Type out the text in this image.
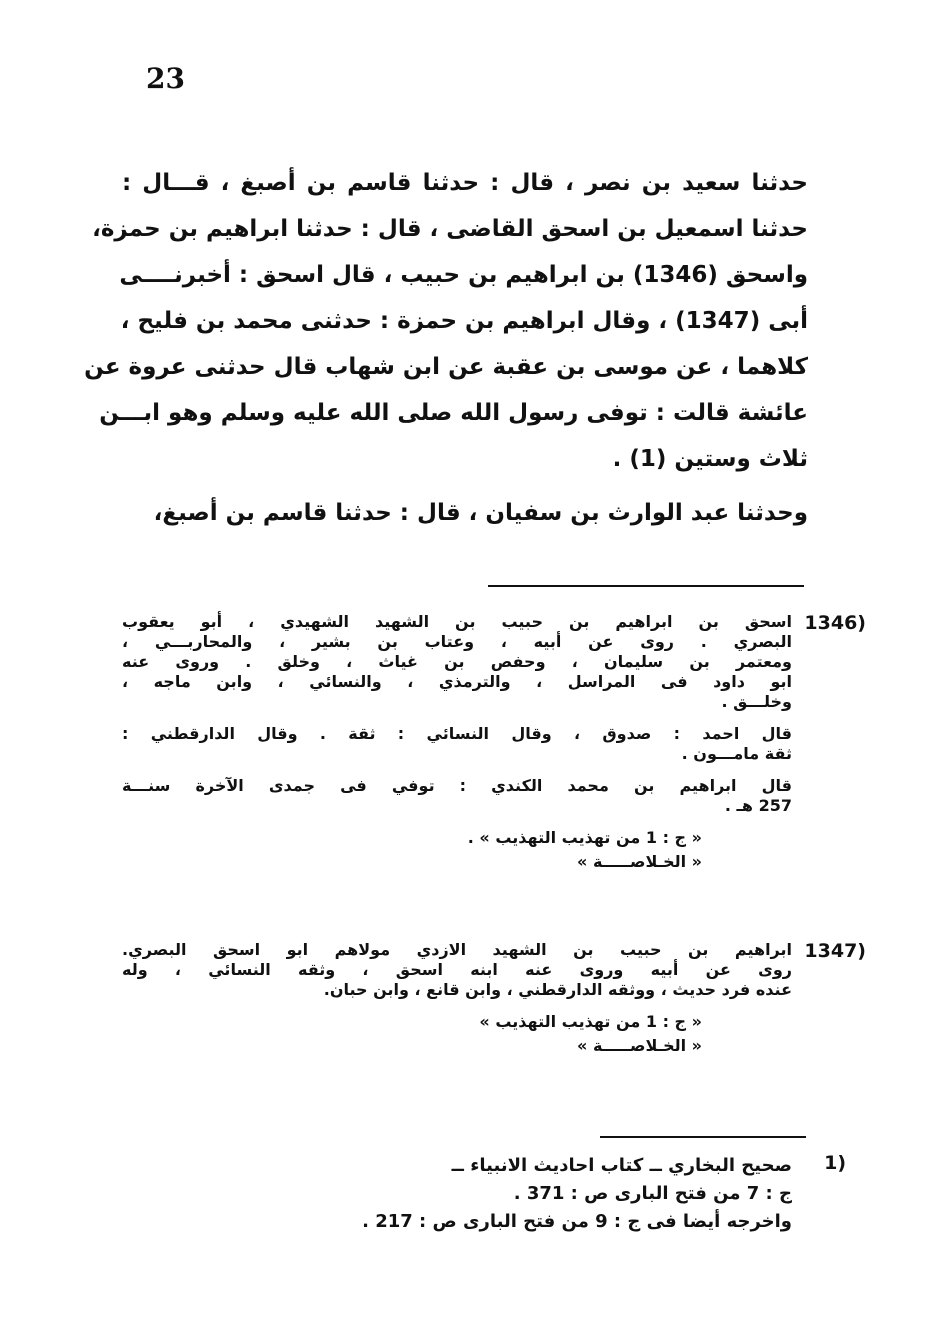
23
حدثنا سعيد بن نصر ، قال : حدثنا قاسم بن أصبغ ، قـــال :
حدثنا اسمعيل بن اسحق القاضى ، قال : حدثنا ابراهيم بن حمزة،
واسحق (1346) بن ابراهيم بن حبيب ، قال اسحق : أخبرنــــى
أبى (1347) ، وقال ابراهيم بن حمزة : حدثنى محمد بن فليح ،
كلاهما ، عن موسى بن عقبة عن ابن شهاب قال حدثنى عروة عن
عائشة قالت : توفى رسول الله صلى الله عليه وسلم وهو ابـــن
ثلاث وستين (1) .
وحدثنا عبد الوارث بن سفيان ، قال : حدثنا قاسم بن أصبغ،
1346)
اسحق بن ابراهيم بن حبيب بن الشهيد الشهيدي ، أبو يعقوب
البصري . روى عن أبيه ، وعتاب بن بشير ، والمحاربـــي ،
ومعتمر بن سليمان ، وحفص بن غياث ، وخلق . وروى عنه
ابو داود فى المراسل ، والترمذي ، والنسائي ، وابن ماجه ،
وخلـــق .
قال احمد : صدوق ، وقال النسائي : ثقة . وقال الدارقطني :
ثقة مامـــون .
قال ابراهيم بن محمد الكندي : توفي فى جمدى الآخرة سنـــة
257 هـ .
« ج : 1 من تهذيب التهذيب » .
« الخـلاصـــــة »
1347)
ابراهيم بن حبيب بن الشهيد الازدي مولاهم ابو اسحق البصري.
روى عن أبيه وروى عنه ابنه اسحق ، وثقه النسائي ، وله
عنده فرد حديث ، ووثقه الدارقطني ، وابن قانع ، وابن حبان.
« ج : 1 من تهذيب التهذيب »
« الخـلاصـــــة »
1)
صحيح البخاري ــ كتاب احاديث الانبياء ــ
ج : 7 من فتح البارى ص : 371 .
واخرجه أيضا فى ج : 9 من فتح البارى ص : 217 .
